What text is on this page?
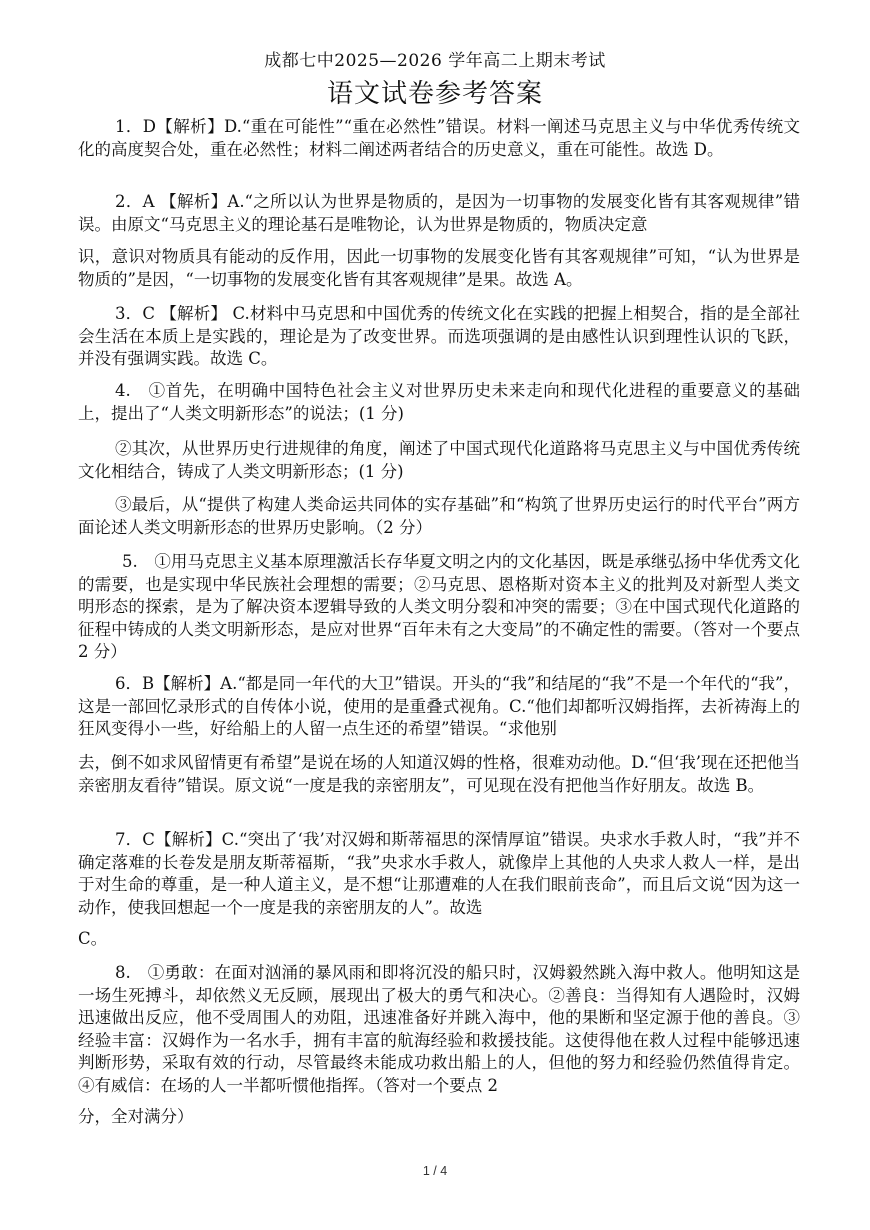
成都七中2025—2026 学年高二上期末考试
语文试卷参考答案

1．D【解析】D.“重在可能性”“重在必然性”错误。材料一阐述马克思主义与中华优秀传统文化的高度契合处，重在必然性；材料二阐述两者结合的历史意义，重在可能性。故选 D。

2．A 【解析】A.“之所以认为世界是物质的，是因为一切事物的发展变化皆有其客观规律”错误。由原文“马克思主义的理论基石是唯物论，认为世界是物质的，物质决定意

识，意识对物质具有能动的反作用，因此一切事物的发展变化皆有其客观规律”可知，“认为世界是物质的”是因，“一切事物的发展变化皆有其客观规律”是果。故选 A。

3．C 【解析】 C.材料中马克思和中国优秀的传统文化在实践的把握上相契合，指的是全部社会生活在本质上是实践的，理论是为了改变世界。而选项强调的是由感性认识到理性认识的飞跃，并没有强调实践。故选 C。

4.　①首先，在明确中国特色社会主义对世界历史未来走向和现代化进程的重要意义的基础上，提出了“人类文明新形态”的说法；(1 分)

②其次，从世界历史行进规律的角度，阐述了中国式现代化道路将马克思主义与中国优秀传统文化相结合，铸成了人类文明新形态；(1 分)

③最后，从“提供了构建人类命运共同体的实存基础”和“构筑了世界历史运行的时代平台”两方面论述人类文明新形态的世界历史影响。（2 分）

5.　①用马克思主义基本原理激活长存华夏文明之内的文化基因，既是承继弘扬中华优秀文化的需要，也是实现中华民族社会理想的需要；②马克思、恩格斯对资本主义的批判及对新型人类文明形态的探索，是为了解决资本逻辑导致的人类文明分裂和冲突的需要；③在中国式现代化道路的征程中铸成的人类文明新形态，是应对世界“百年未有之大变局”的不确定性的需要。（答对一个要点 2 分）

6．B【解析】A.“都是同一年代的大卫”错误。开头的“我”和结尾的“我”不是一个年代的“我”，这是一部回忆录形式的自传体小说，使用的是重叠式视角。C.“他们却都听汉姆指挥，去祈祷海上的狂风变得小一些，好给船上的人留一点生还的希望”错误。“求他别

去，倒不如求风留情更有希望”是说在场的人知道汉姆的性格，很难劝动他。D.“但‘我’现在还把他当亲密朋友看待”错误。原文说“一度是我的亲密朋友”，可见现在没有把他当作好朋友。故选 B。

7．C【解析】C.“突出了‘我’对汉姆和斯蒂福思的深情厚谊”错误。央求水手救人时，“我”并不确定落难的长卷发是朋友斯蒂福斯，“我”央求水手救人，就像岸上其他的人央求人救人一样，是出于对生命的尊重，是一种人道主义，是不想“让那遭难的人在我们眼前丧命”，而且后文说“因为这一动作，使我回想起一个一度是我的亲密朋友的人”。故选

C。

8.　①勇敢：在面对汹涌的暴风雨和即将沉没的船只时，汉姆毅然跳入海中救人。他明知这是一场生死搏斗，却依然义无反顾，展现出了极大的勇气和决心。②善良：当得知有人遇险时，汉姆迅速做出反应，他不受周围人的劝阻，迅速准备好并跳入海中，他的果断和坚定源于他的善良。③经验丰富：汉姆作为一名水手，拥有丰富的航海经验和救援技能。这使得他在救人过程中能够迅速判断形势，采取有效的行动，尽管最终未能成功救出船上的人，但他的努力和经验仍然值得肯定。④有威信：在场的人一半都听惯他指挥。（答对一个要点 2

分，全对满分）

1 / 4
